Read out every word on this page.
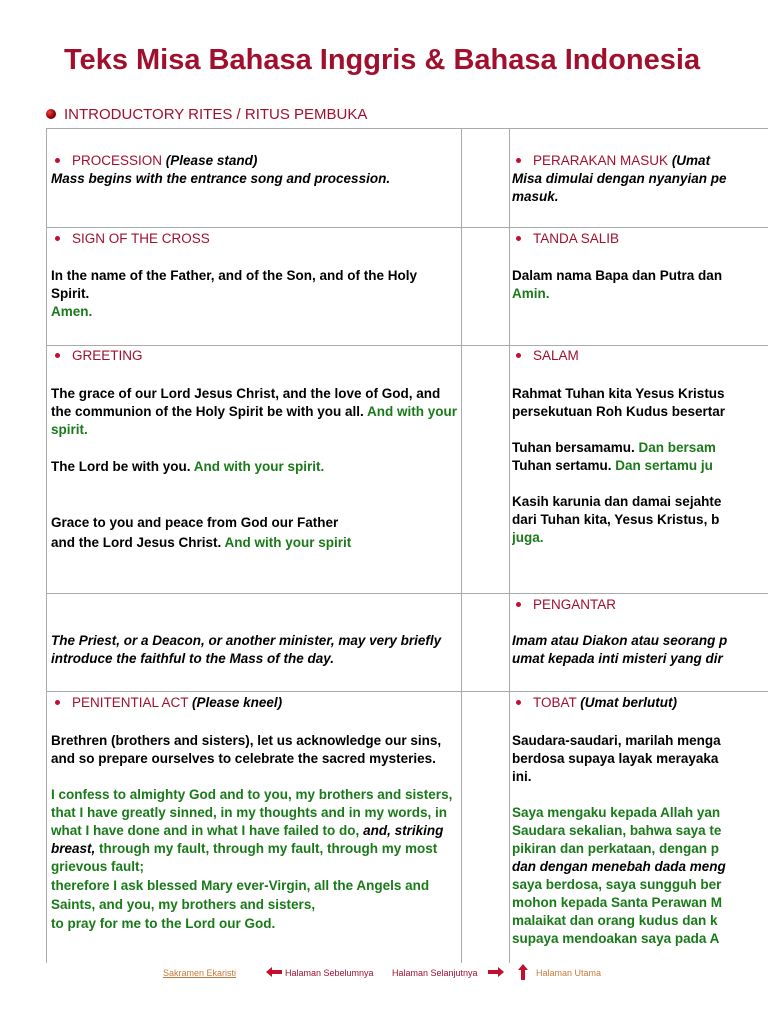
Teks Misa Bahasa Inggris & Bahasa Indonesia
INTRODUCTORY RITES / RITUS PEMBUKA
PROCESSION (Please stand)
Mass begins with the entrance song and procession.
PERARAKAN MASUK (Umat
Misa dimulai dengan nyanyian pe
masuk.
SIGN OF THE CROSS
In the name of the Father, and of the Son, and of the Holy Spirit.
Amen.
TANDA SALIB
Dalam nama Bapa dan Putra dan
Amin.
GREETING
The grace of our Lord Jesus Christ, and the love of God, and the communion of the Holy Spirit be with you all. And with your spirit.
The Lord be with you. And with your spirit.
Grace to you and peace from God our Father
and the Lord Jesus Christ. And with your spirit
SALAM
Rahmat Tuhan kita Yesus Kristus
persekutuan Roh Kudus besertar
Tuhan bersamamu. Dan bersam
Tuhan sertamu. Dan sertamu ju
Kasih karunia dan damai sejahte
dari Tuhan kita, Yesus Kristus, b
juga.
The Priest, or a Deacon, or another minister, may very briefly introduce the faithful to the Mass of the day.
PENGANTAR
Imam atau Diakon atau seorang p
umat kepada inti misteri yang dir
PENITENTIAL ACT (Please kneel)
Brethren (brothers and sisters), let us acknowledge our sins, and so prepare ourselves to celebrate the sacred mysteries.
I confess to almighty God and to you, my brothers and sisters, that I have greatly sinned, in my thoughts and in my words, in what I have done and in what I have failed to do, and, striking breast, through my fault, through my fault, through my most grievous fault;
therefore I ask blessed Mary ever-Virgin, all the Angels and Saints, and you, my brothers and sisters,
to pray for me to the Lord our God.
TOBAT (Umat berlutut)
Saudara-saudari, marilah menga
berdosa supaya layak merayaka
ini.
Saya mengaku kepada Allah yan
Saudara sekalian, bahwa saya te
pikiran dan perkataan, dengan p
dan dengan menebah dada meng
saya berdosa, saya sungguh ber
mohon kepada Santa Perawan M
malaikat dan orang kudus dan k
supaya mendoakan saya pada A
Sakramen Ekaristi	Halaman Sebelumnya Halaman Selanjutnya	Halaman Utama
